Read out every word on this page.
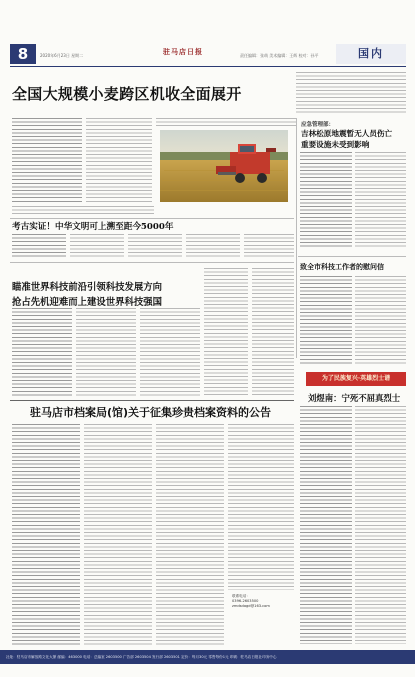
8	2020年6月23日 星期二	驻马店日报	责任编辑：张萌 美术编辑：王辉 校对：孙平	国内
全国大规模小麦跨区机收全面展开
应急管理部：
吉林松原地震暂无人员伤亡
重要设施未受到影响
考古实证！中华文明可上溯至距今5000年
致全市科技工作者的慰问信
瞄准世界科技前沿引领科技发展方向
抢占先机迎难而上建设世界科技强国
为了民族复兴·英雄烈士谱
刘煜南：宁死不屈真烈士
驻马店市档案局(馆)关于征集珍贵档案资料的公告
联系电话：
0396-2603500
zmdsdagd@163.com
社址：驻马店市解放路文化大厦 邮编：463000 电话：总编室 2603500 广告部 2603504 发行部 2603501 定价：每月30元 零售每份1元 印刷：驻马店日报社印务中心
